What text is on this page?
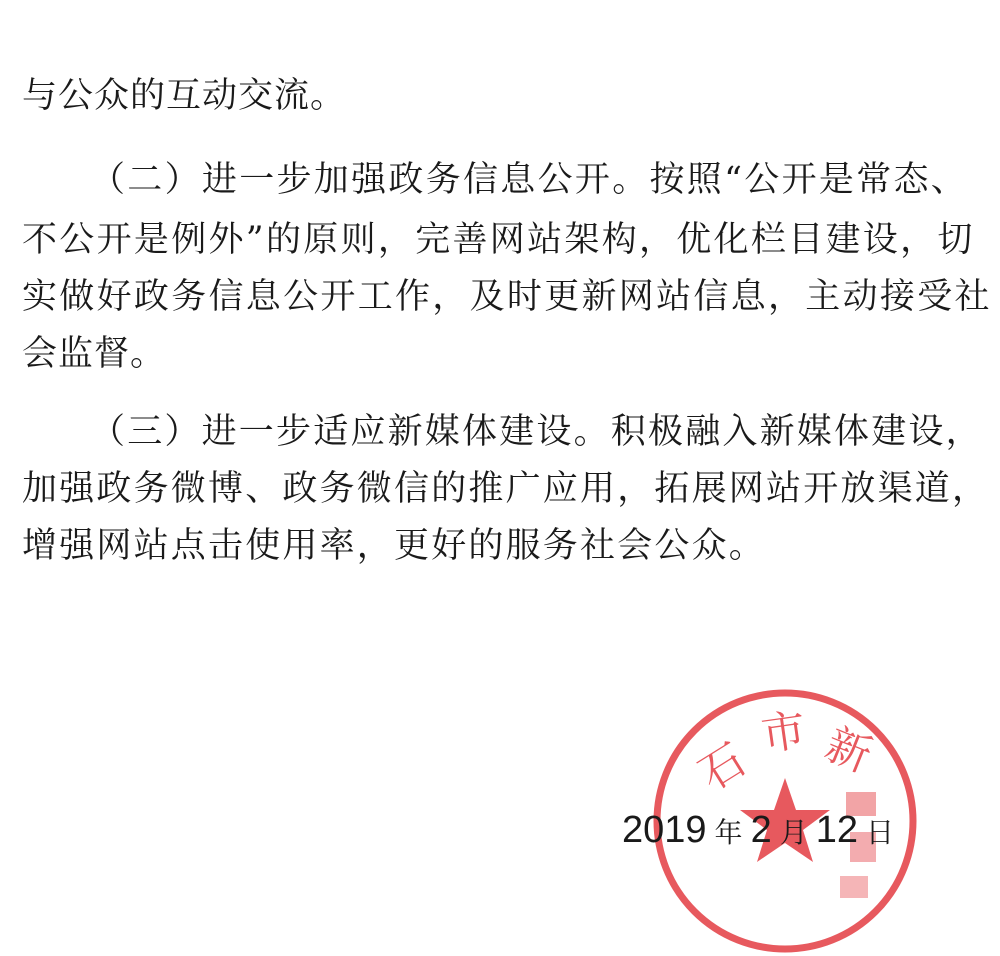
与公众的互动交流。
（二）进一步加强政务信息公开。按照“公开是常态、
不公开是例外”的原则，完善网站架构，优化栏目建设，切
实做好政务信息公开工作，及时更新网站信息，主动接受社
会监督。
（三）进一步适应新媒体建设。积极融入新媒体建设，
加强政务微博、政务微信的推广应用，拓展网站开放渠道，
增强网站点击使用率，更好的服务社会公众。
石
市 新
2019 年 2 月 12 日
